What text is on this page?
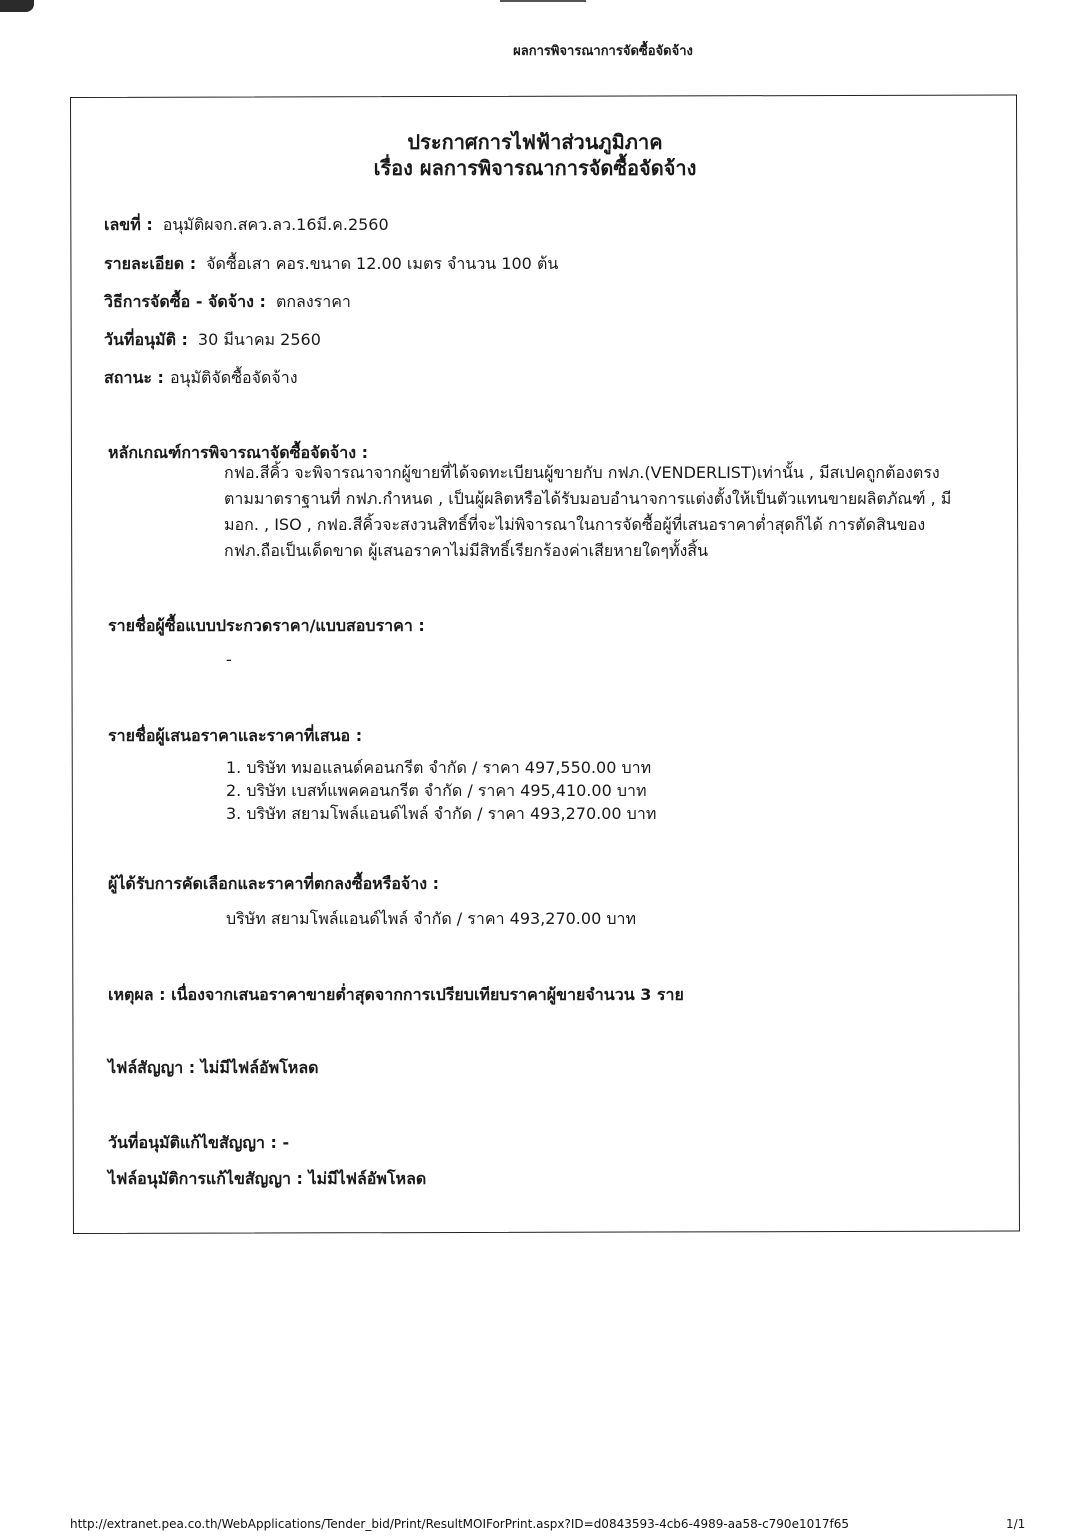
ผลการพิจารณาการจัดซื้อจัดจ้าง
ประกาศการไฟฟ้าส่วนภูมิภาค
เรื่อง ผลการพิจารณาการจัดซื้อจัดจ้าง
เลขที่ : อนุมัติผจก.สคว.ลว.16มี.ค.2560
รายละเอียด : จัดซื้อเสา คอร.ขนาด 12.00 เมตร จำนวน 100 ต้น
วิธีการจัดซื้อ - จัดจ้าง : ตกลงราคา
วันที่อนุมัติ : 30 มีนาคม 2560
สถานะ : อนุมัติจัดซื้อจัดจ้าง
หลักเกณฑ์การพิจารณาจัดซื้อจัดจ้าง :
กฟอ.สีคิ้ว จะพิจารณาจากผู้ขายที่ได้จดทะเบียนผู้ขายกับ กฟภ.(VENDERLIST)เท่านั้น , มีสเปคถูกต้องตรง
ตามมาตราฐานที่ กฟภ.กำหนด , เป็นผู้ผลิตหรือได้รับมอบอำนาจการแต่งตั้งให้เป็นตัวแทนขายผลิตภัณฑ์ , มี
มอก. , ISO , กฟอ.สีคิ้วจะสงวนสิทธิ์ที่จะไม่พิจารณาในการจัดซื้อผู้ที่เสนอราคาต่ำสุดก็ได้ การตัดสินของ
กฟภ.ถือเป็นเด็ดขาด ผู้เสนอราคาไม่มีสิทธิ์เรียกร้องค่าเสียหายใดๆทั้งสิ้น
รายชื่อผู้ซื้อแบบประกวดราคา/แบบสอบราคา :
-
รายชื่อผู้เสนอราคาและราคาที่เสนอ :
1. บริษัท ทมอแลนด์คอนกรีต จำกัด / ราคา 497,550.00 บาท
2. บริษัท เบสท์แพคคอนกรีต จำกัด / ราคา 495,410.00 บาท
3. บริษัท สยามโพล์แอนด์ไพล์ จำกัด / ราคา 493,270.00 บาท
ผู้ได้รับการคัดเลือกและราคาที่ตกลงซื้อหรือจ้าง :
บริษัท สยามโพล์แอนด์ไพล์ จำกัด / ราคา 493,270.00 บาท
เหตุผล : เนื่องจากเสนอราคาขายต่ำสุดจากการเปรียบเทียบราคาผู้ขายจำนวน 3 ราย
ไฟล์สัญญา : ไม่มีไฟล์อัพโหลด
วันที่อนุมัติแก้ไขสัญญา : -
ไฟล์อนุมัติการแก้ไขสัญญา : ไม่มีไฟล์อัพโหลด
http://extranet.pea.co.th/WebApplications/Tender_bid/Print/ResultMOIForPrint.aspx?ID=d0843593-4cb6-4989-aa58-c790e1017f65	1/1
